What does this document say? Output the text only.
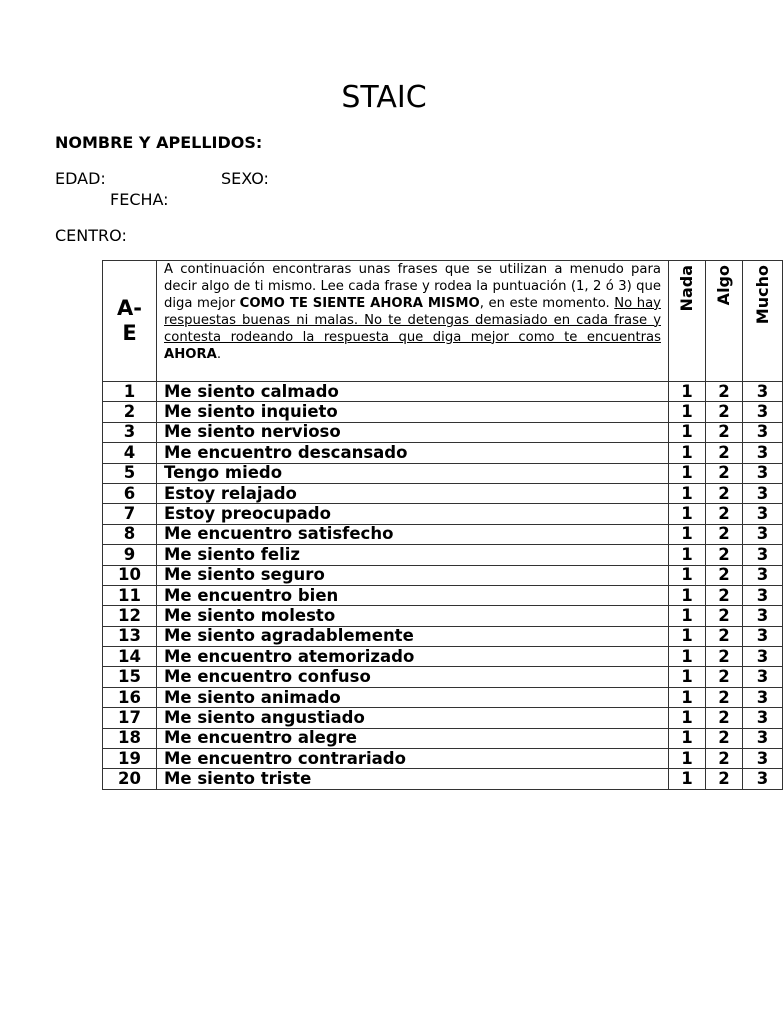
STAIC
NOMBRE Y APELLIDOS:
EDAD:	SEXO:
FECHA:
CENTRO:
A-E	A continuación encontraras unas frases que se utilizan a menudo para decir algo de ti mismo. Lee cada frase y rodea la puntuación (1, 2 ó 3) que diga mejor COMO TE SIENTE AHORA MISMO, en este momento. No hay respuestas buenas ni malas. No te detengas demasiado en cada frase y contesta rodeando la respuesta que diga mejor como te encuentras AHORA.	Nada	Algo	Mucho

1	Me siento calmado	1	2	3
2	Me siento inquieto	1	2	3
3	Me siento nervioso	1	2	3
4	Me encuentro descansado	1	2	3
5	Tengo miedo	1	2	3
6	Estoy relajado	1	2	3
7	Estoy preocupado	1	2	3
8	Me encuentro satisfecho	1	2	3
9	Me siento feliz	1	2	3
10	Me siento seguro	1	2	3
11	Me encuentro bien	1	2	3
12	Me siento molesto	1	2	3
13	Me siento agradablemente	1	2	3
14	Me encuentro atemorizado	1	2	3
15	Me encuentro confuso	1	2	3
16	Me siento animado	1	2	3
17	Me siento angustiado	1	2	3
18	Me encuentro alegre	1	2	3
19	Me encuentro contrariado	1	2	3
20	Me siento triste	1	2	3
